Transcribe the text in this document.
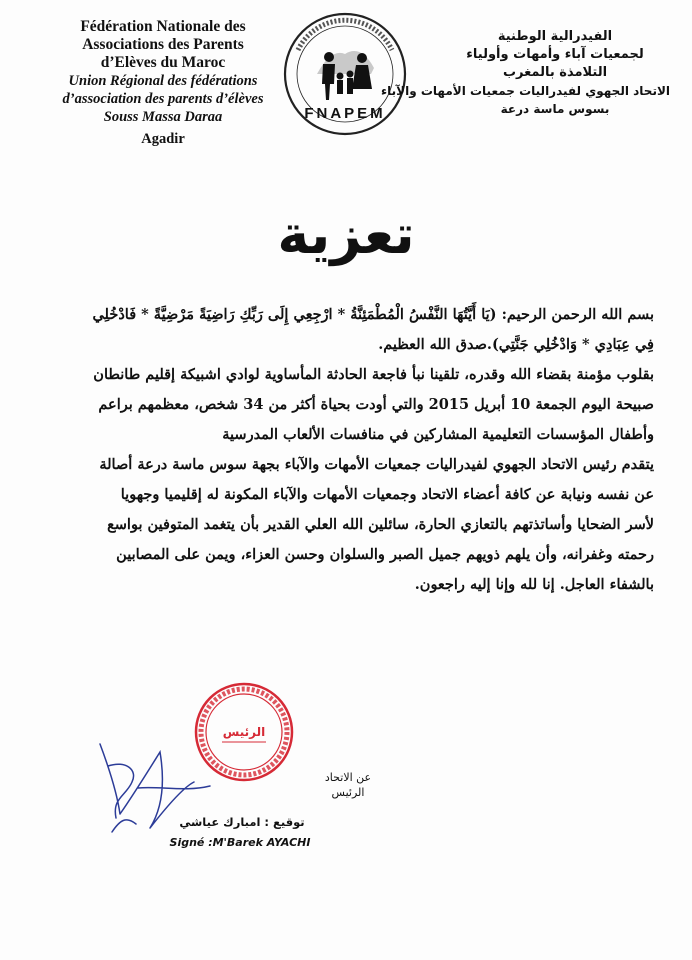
Fédération Nationale des
Associations des Parents
d’Elèves du Maroc
Union Régional des fédérations
d’association des parents d’élèves
Souss Massa Daraa
Agadir
FNAPEM
الفيدرالية الوطنية
لجمعيات آباء وأمهات وأولياء
التلامذة بالمغرب
الاتحاد الجهوي لفيدراليات جمعيات الأمهات والآباء
بسوس ماسة درعة
تعزية

بسم الله الرحمن الرحيم: (يَا أَيَّتُهَا النَّفْسُ الْمُطْمَئِنَّةُ * ارْجِعِي إِلَى رَبِّكِ رَاضِيَةً مَرْضِيَّةً * فَادْخُلِي

فِي عِبَادِي * وَادْخُلِي جَنَّتِي).صدق الله العظيم.

بقلوب مؤمنة بقضاء الله وقدره، تلقينا نبأ فاجعة الحادثة المأساوية لوادي اشبيكة إقليم طانطان

صبيحة اليوم الجمعة 10 أبريل 2015 والتي أودت بحياة أكثر من 34 شخص، معظمهم براعم

وأطفال المؤسسات التعليمية المشاركين في منافسات الألعاب المدرسية

يتقدم رئيس الاتحاد الجهوي لفيدراليات جمعيات الأمهات والآباء بجهة سوس ماسة درعة أصالة

عن نفسه ونيابة عن كافة أعضاء الاتحاد وجمعيات الأمهات والآباء المكونة له إقليميا وجهويا

لأسر الضحايا وأساتذتهم بالتعازي الحارة، سائلين الله العلي القدير بأن يتغمد المتوفين بواسع

رحمته وغفرانه، وأن يلهم ذويهم جميل الصبر والسلوان وحسن العزاء، ويمن على المصابين

بالشفاء العاجل. إنا لله وإنا إليه راجعون.

الرئيس
عن الاتحاد
الرئيس
توقيع : امبارك عياشي
Signé :M'Barek AYACHI
